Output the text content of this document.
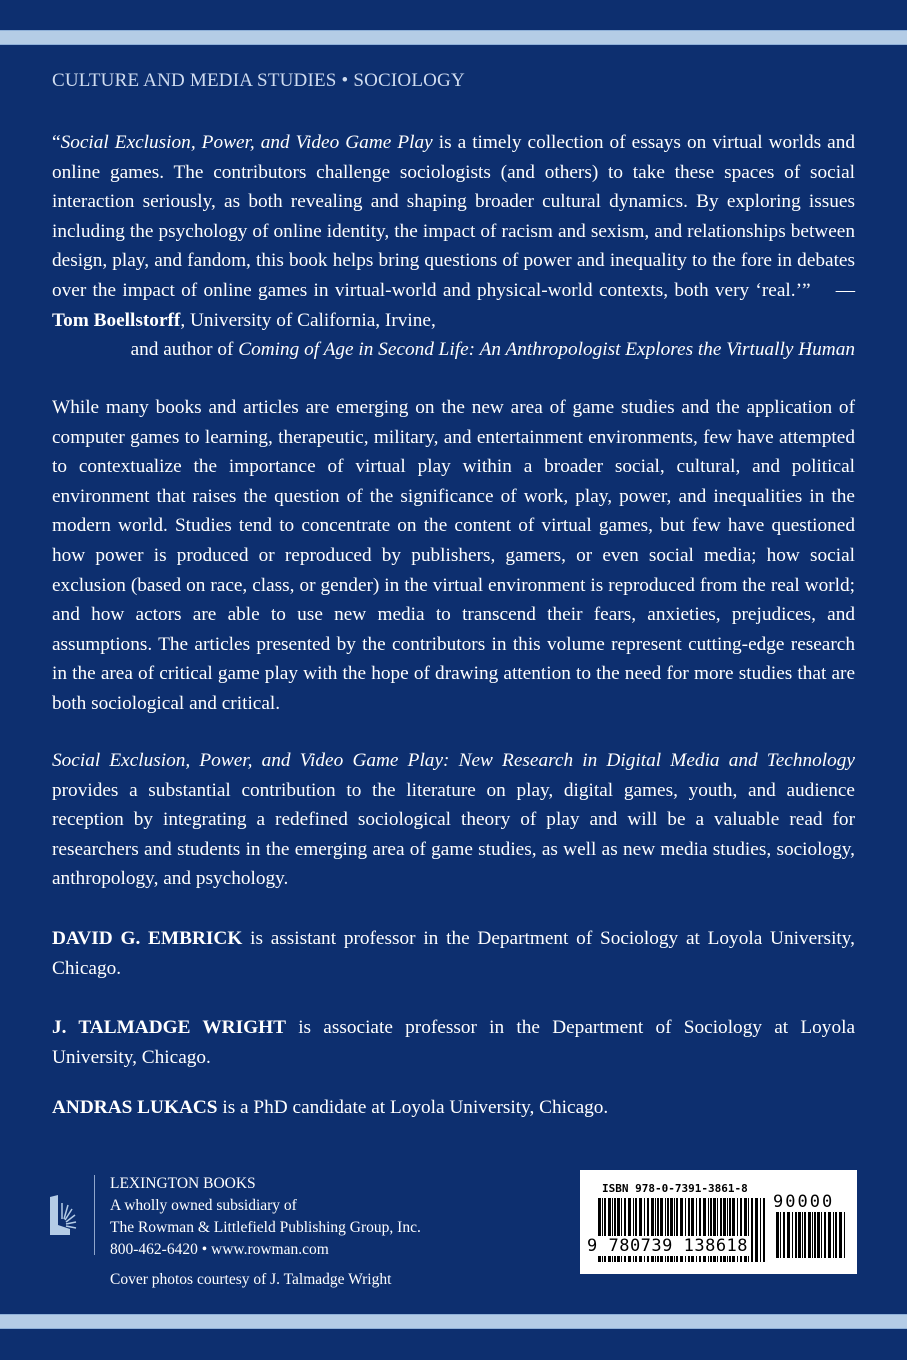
CULTURE AND MEDIA STUDIES • SOCIOLOGY
“Social Exclusion, Power, and Video Game Play is a timely collection of essays on virtual worlds and online games. The contributors challenge sociologists (and others) to take these spaces of social interaction seriously, as both revealing and shaping broader cultural dynamics. By exploring issues including the psychology of online identity, the impact of racism and sexism, and relationships between design, play, and fandom, this book helps bring questions of power and inequality to the fore in debates over the impact of online games in virtual-world and physical-world contexts, both very ‘real.’” —Tom Boellstorff, University of California, Irvine,
and author of Coming of Age in Second Life: An Anthropologist Explores the Virtually Human
While many books and articles are emerging on the new area of game studies and the application of computer games to learning, therapeutic, military, and entertainment environments, few have attempted to contextualize the importance of virtual play within a broader social, cultural, and political environment that raises the question of the significance of work, play, power, and inequalities in the modern world. Studies tend to concentrate on the content of virtual games, but few have questioned how power is produced or reproduced by publishers, gamers, or even social media; how social exclusion (based on race, class, or gender) in the virtual environment is reproduced from the real world; and how actors are able to use new media to transcend their fears, anxieties, prejudices, and assumptions. The articles presented by the contributors in this volume represent cutting-edge research in the area of critical game play with the hope of drawing attention to the need for more studies that are both sociological and critical.
Social Exclusion, Power, and Video Game Play: New Research in Digital Media and Technology provides a substantial contribution to the literature on play, digital games, youth, and audience reception by integrating a redefined sociological theory of play and will be a valuable read for researchers and students in the emerging area of game studies, as well as new media studies, sociology, anthropology, and psychology.
DAVID G. EMBRICK is assistant professor in the Department of Sociology at Loyola University, Chicago.
J. TALMADGE WRIGHT is associate professor in the Department of Sociology at Loyola University, Chicago.
ANDRAS LUKACS is a PhD candidate at Loyola University, Chicago.
LEXINGTON BOOKS
A wholly owned subsidiary of
The Rowman & Littlefield Publishing Group, Inc.
800-462-6420 • www.rowman.com
Cover photos courtesy of J. Talmadge Wright
ISBN 978-0-7391-3861-8
9 780739 138618
90000
